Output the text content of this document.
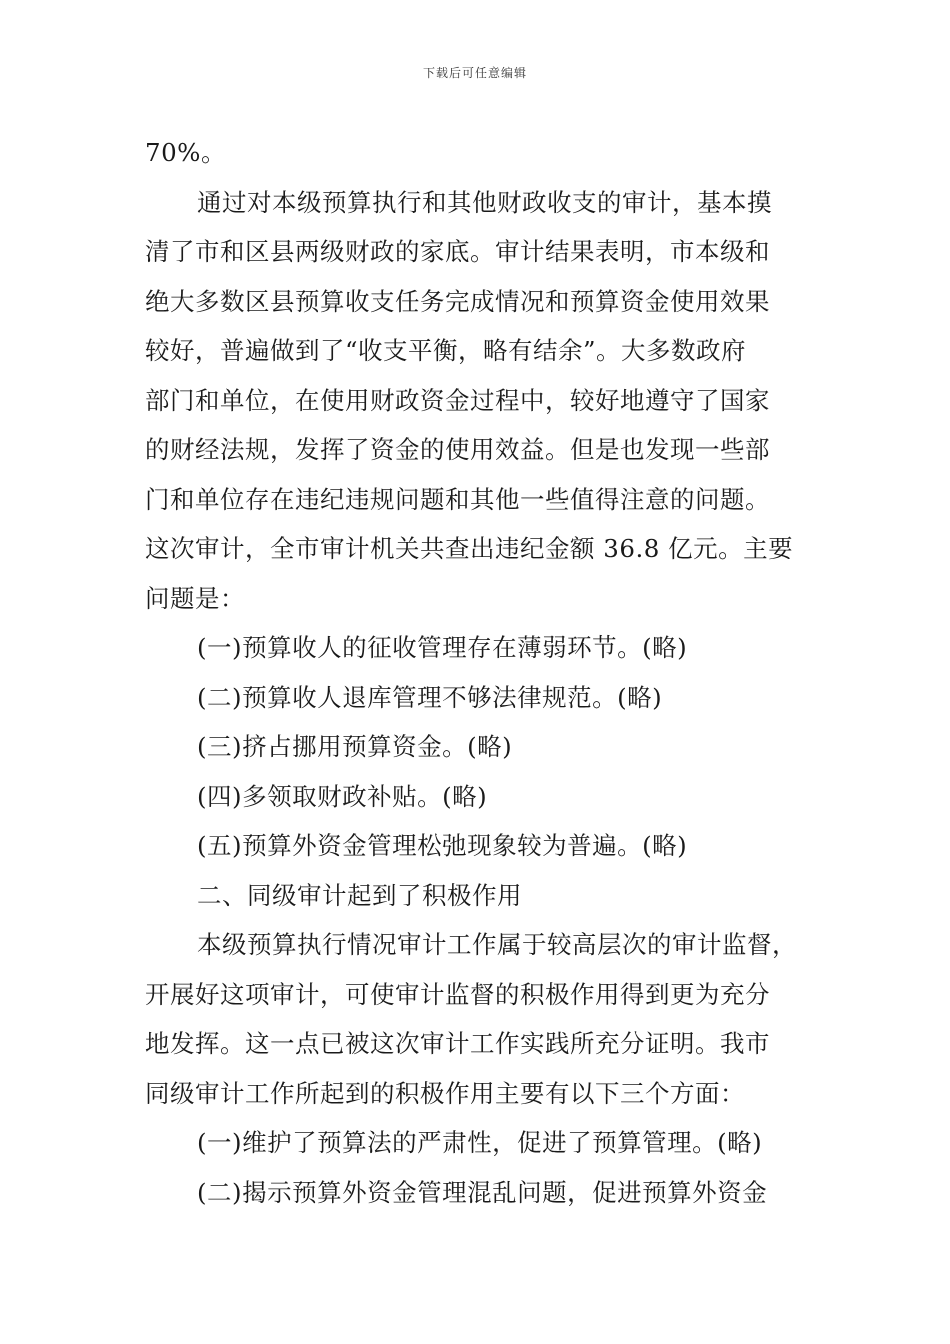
下载后可任意编辑
70%。
通过对本级预算执行和其他财政收支的审计，基本摸
清了市和区县两级财政的家底。审计结果表明，市本级和
绝大多数区县预算收支任务完成情况和预算资金使用效果
较好，普遍做到了“收支平衡，略有结余”。大多数政府
部门和单位，在使用财政资金过程中，较好地遵守了国家
的财经法规，发挥了资金的使用效益。但是也发现一些部
门和单位存在违纪违规问题和其他一些值得注意的问题。
这次审计，全市审计机关共查出违纪金额 36.8 亿元。主要
问题是：
(一)预算收人的征收管理存在薄弱环节。(略)
(二)预算收人退库管理不够法律规范。(略)
(三)挤占挪用预算资金。(略)
(四)多领取财政补贴。(略)
(五)预算外资金管理松弛现象较为普遍。(略)
二、同级审计起到了积极作用
本级预算执行情况审计工作属于较高层次的审计监督，
开展好这项审计，可使审计监督的积极作用得到更为充分
地发挥。这一点已被这次审计工作实践所充分证明。我市
同级审计工作所起到的积极作用主要有以下三个方面：
(一)维护了预算法的严肃性，促进了预算管理。(略)
(二)揭示预算外资金管理混乱问题，促进预算外资金
